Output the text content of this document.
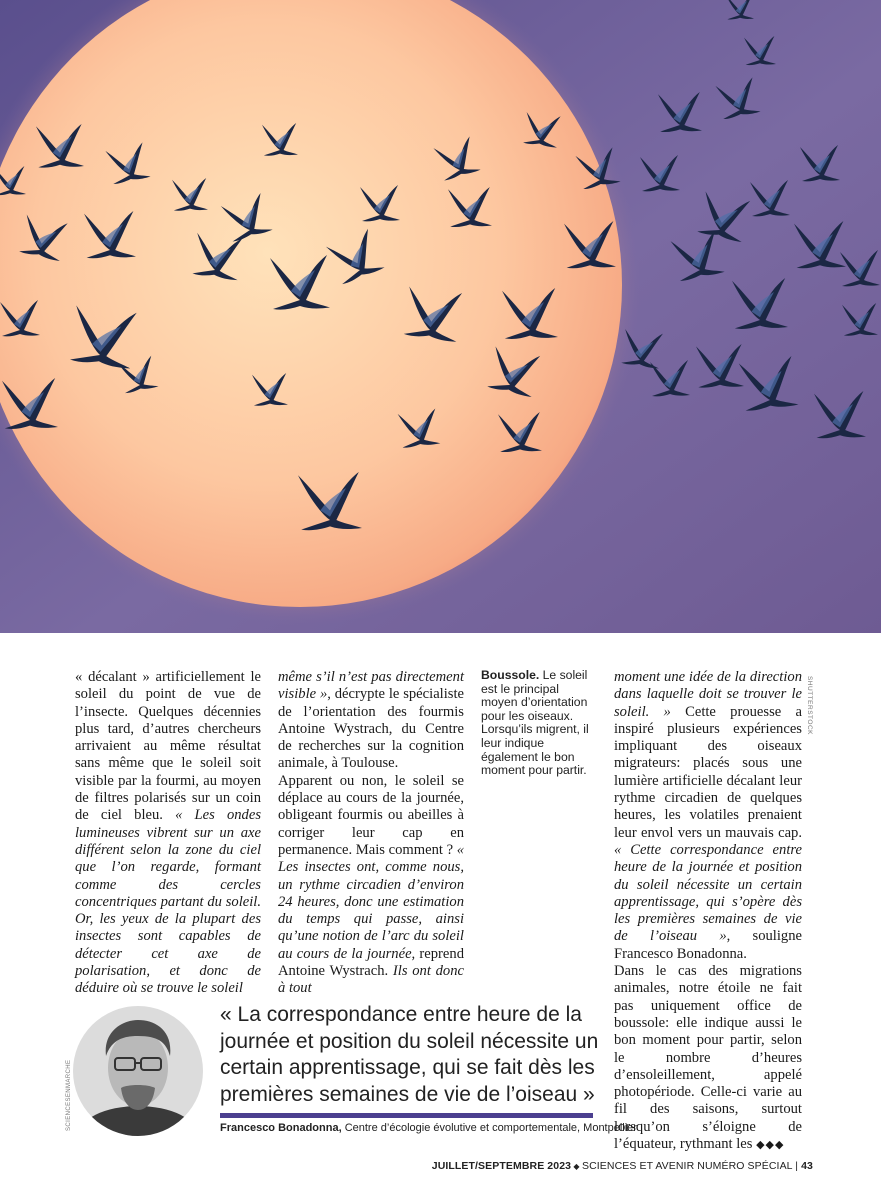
« décalant » artificiellement le soleil du point de vue de l’insecte. Quelques décennies plus tard, d’autres chercheurs arrivaient au même résultat sans même que le soleil soit visible par la fourmi, au moyen de filtres polarisés sur un coin de ciel bleu. « Les ondes lumineuses vibrent sur un axe différent selon la zone du ciel que l’on regarde, formant comme des cercles concentriques partant du soleil. Or, les yeux de la plupart des insectes sont capables de détecter cet axe de polarisation, et donc de déduire où se trouve le soleil

même s’il n’est pas directement visible », décrypte le spécialiste de l’orientation des fourmis Antoine Wystrach, du Centre de recherches sur la cognition animale, à Toulouse.

Apparent ou non, le soleil se déplace au cours de la journée, obligeant fourmis ou abeilles à corriger leur cap en permanence. Mais comment ? « Les insectes ont, comme nous, un rythme circadien d’environ 24 heures, donc une estimation du temps qui passe, ainsi qu’une notion de l’arc du soleil au cours de la journée, reprend Antoine Wystrach. Ils ont donc à tout

Boussole. Le soleil est le principal moyen d’orientation pour les oiseaux. Lorsqu’ils migrent, il leur indique également le bon moment pour partir.

moment une idée de la direction dans laquelle doit se trouver le soleil. » Cette prouesse a inspiré plusieurs expériences impliquant des oiseaux migrateurs: placés sous une lumière artificielle décalant leur rythme circadien de quelques heures, les volatiles prenaient leur envol vers un mauvais cap. « Cette correspondance entre heure de la journée et position du soleil nécessite un certain apprentissage, qui s’opère dès les premières semaines de vie de l’oiseau », souligne Francesco Bonadonna.

Dans le cas des migrations animales, notre étoile ne fait pas uniquement office de boussole: elle indique aussi le bon moment pour partir, selon le nombre d’heures d’ensoleillement, appelé photopériode. Celle-ci varie au fil des saisons, surtout lorsqu’on s’éloigne de l’équateur, rythmant les ◆◆◆

SHUTTERSTOCK
SCIENCESENMARCHE
« La correspondance entre heure de la journée et position du soleil nécessite un certain apprentissage, qui se fait dès les premières semaines de vie de l’oiseau »
Francesco Bonadonna, Centre d’écologie évolutive et comportementale, Montpellier
JUILLET/SEPTEMBRE 2023 ◆ SCIENCES ET AVENIR NUMÉRO SPÉCIAL | 43
